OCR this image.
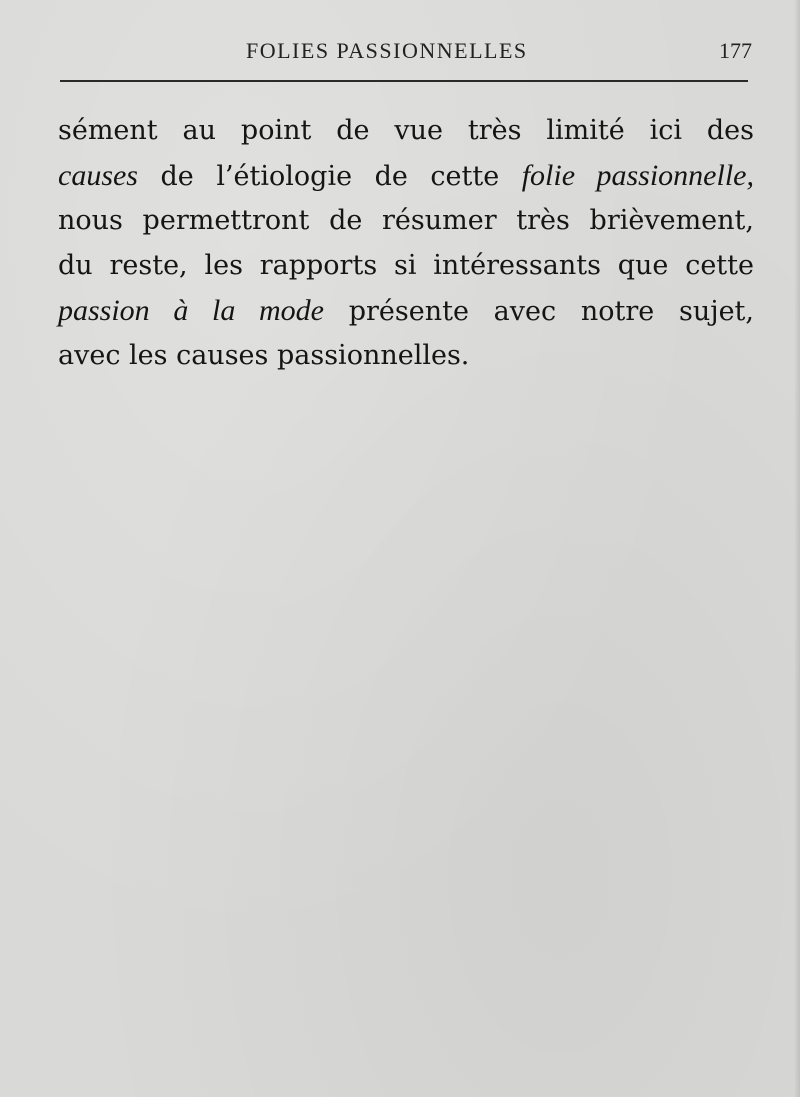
FOLIES PASSIONNELLES	177
sément au point de vue très limité ici des
causes de l’étiologie de cette folie passionnelle,
nous permettront de résumer très brièvement,
du reste, les rapports si intéressants que cette
passion à la mode présente avec notre sujet,
avec les causes passionnelles.
